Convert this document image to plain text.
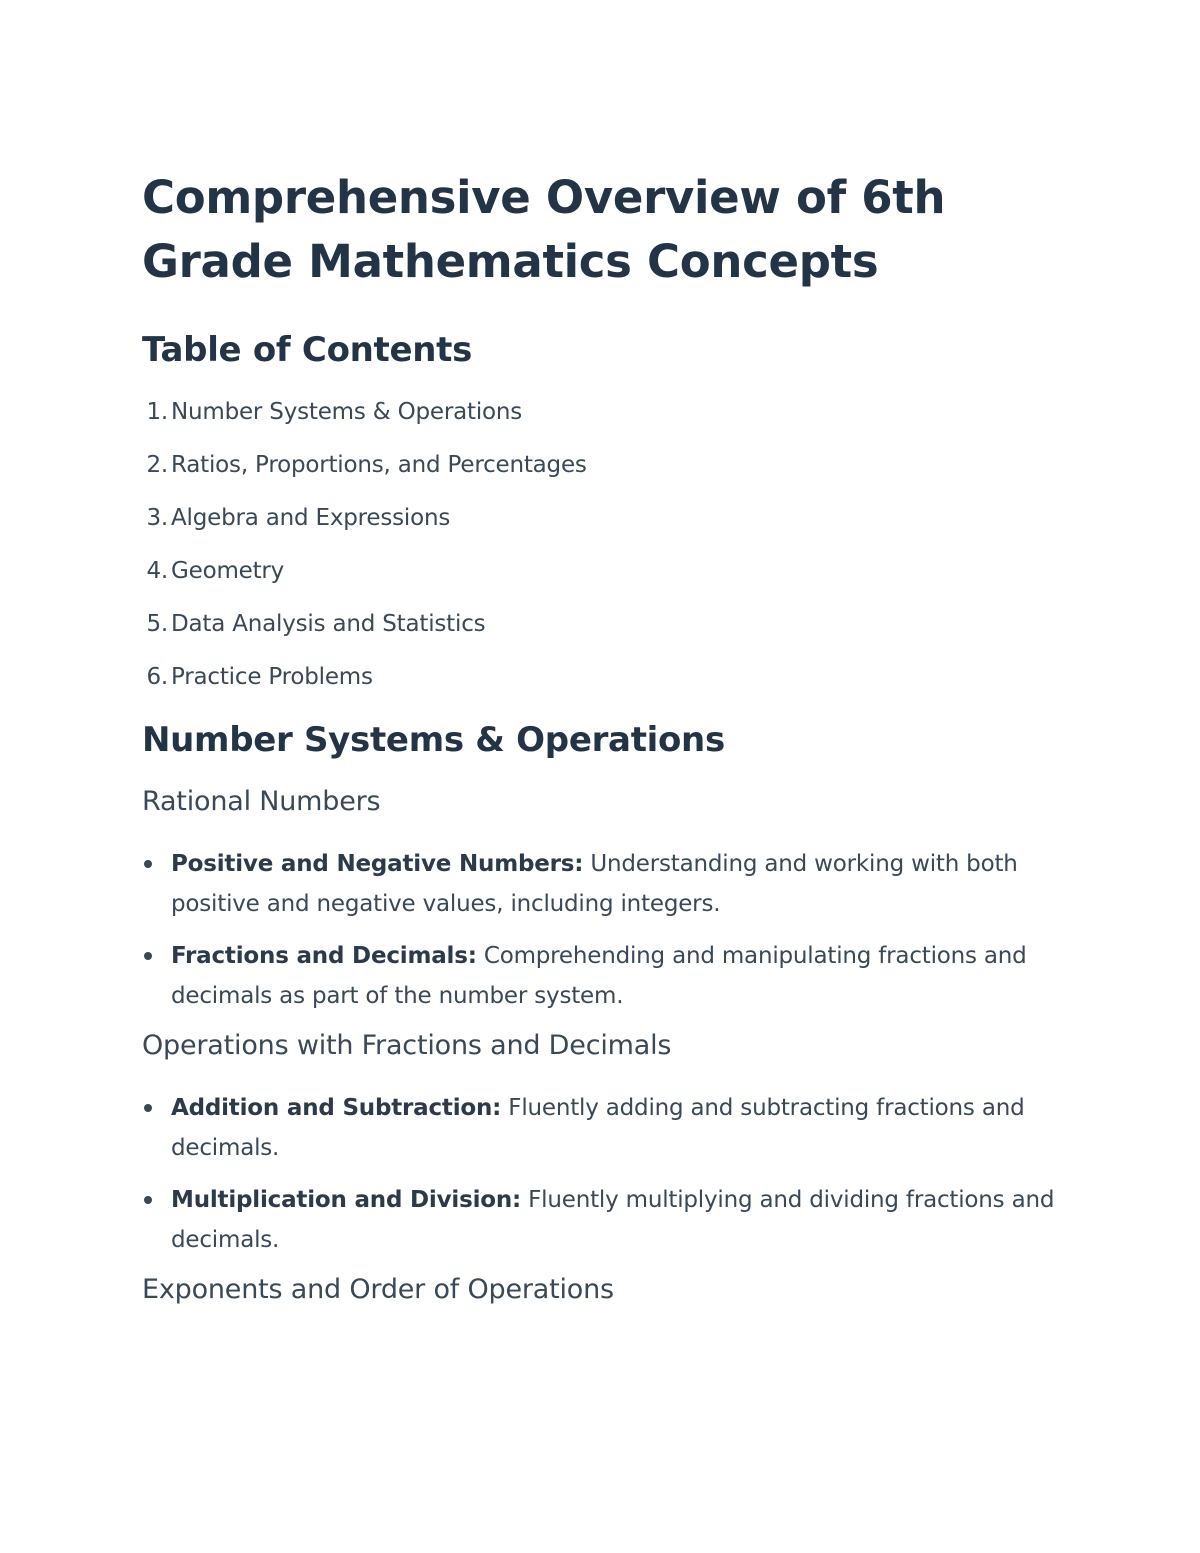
Comprehensive Overview of 6th Grade Mathematics Concepts
Table of Contents
1. Number Systems & Operations
2. Ratios, Proportions, and Percentages
3. Algebra and Expressions
4. Geometry
5. Data Analysis and Statistics
6. Practice Problems
Number Systems & Operations
Rational Numbers
Positive and Negative Numbers: Understanding and working with both positive and negative values, including integers.
Fractions and Decimals: Comprehending and manipulating fractions and decimals as part of the number system.
Operations with Fractions and Decimals
Addition and Subtraction: Fluently adding and subtracting fractions and decimals.
Multiplication and Division: Fluently multiplying and dividing fractions and decimals.
Exponents and Order of Operations
